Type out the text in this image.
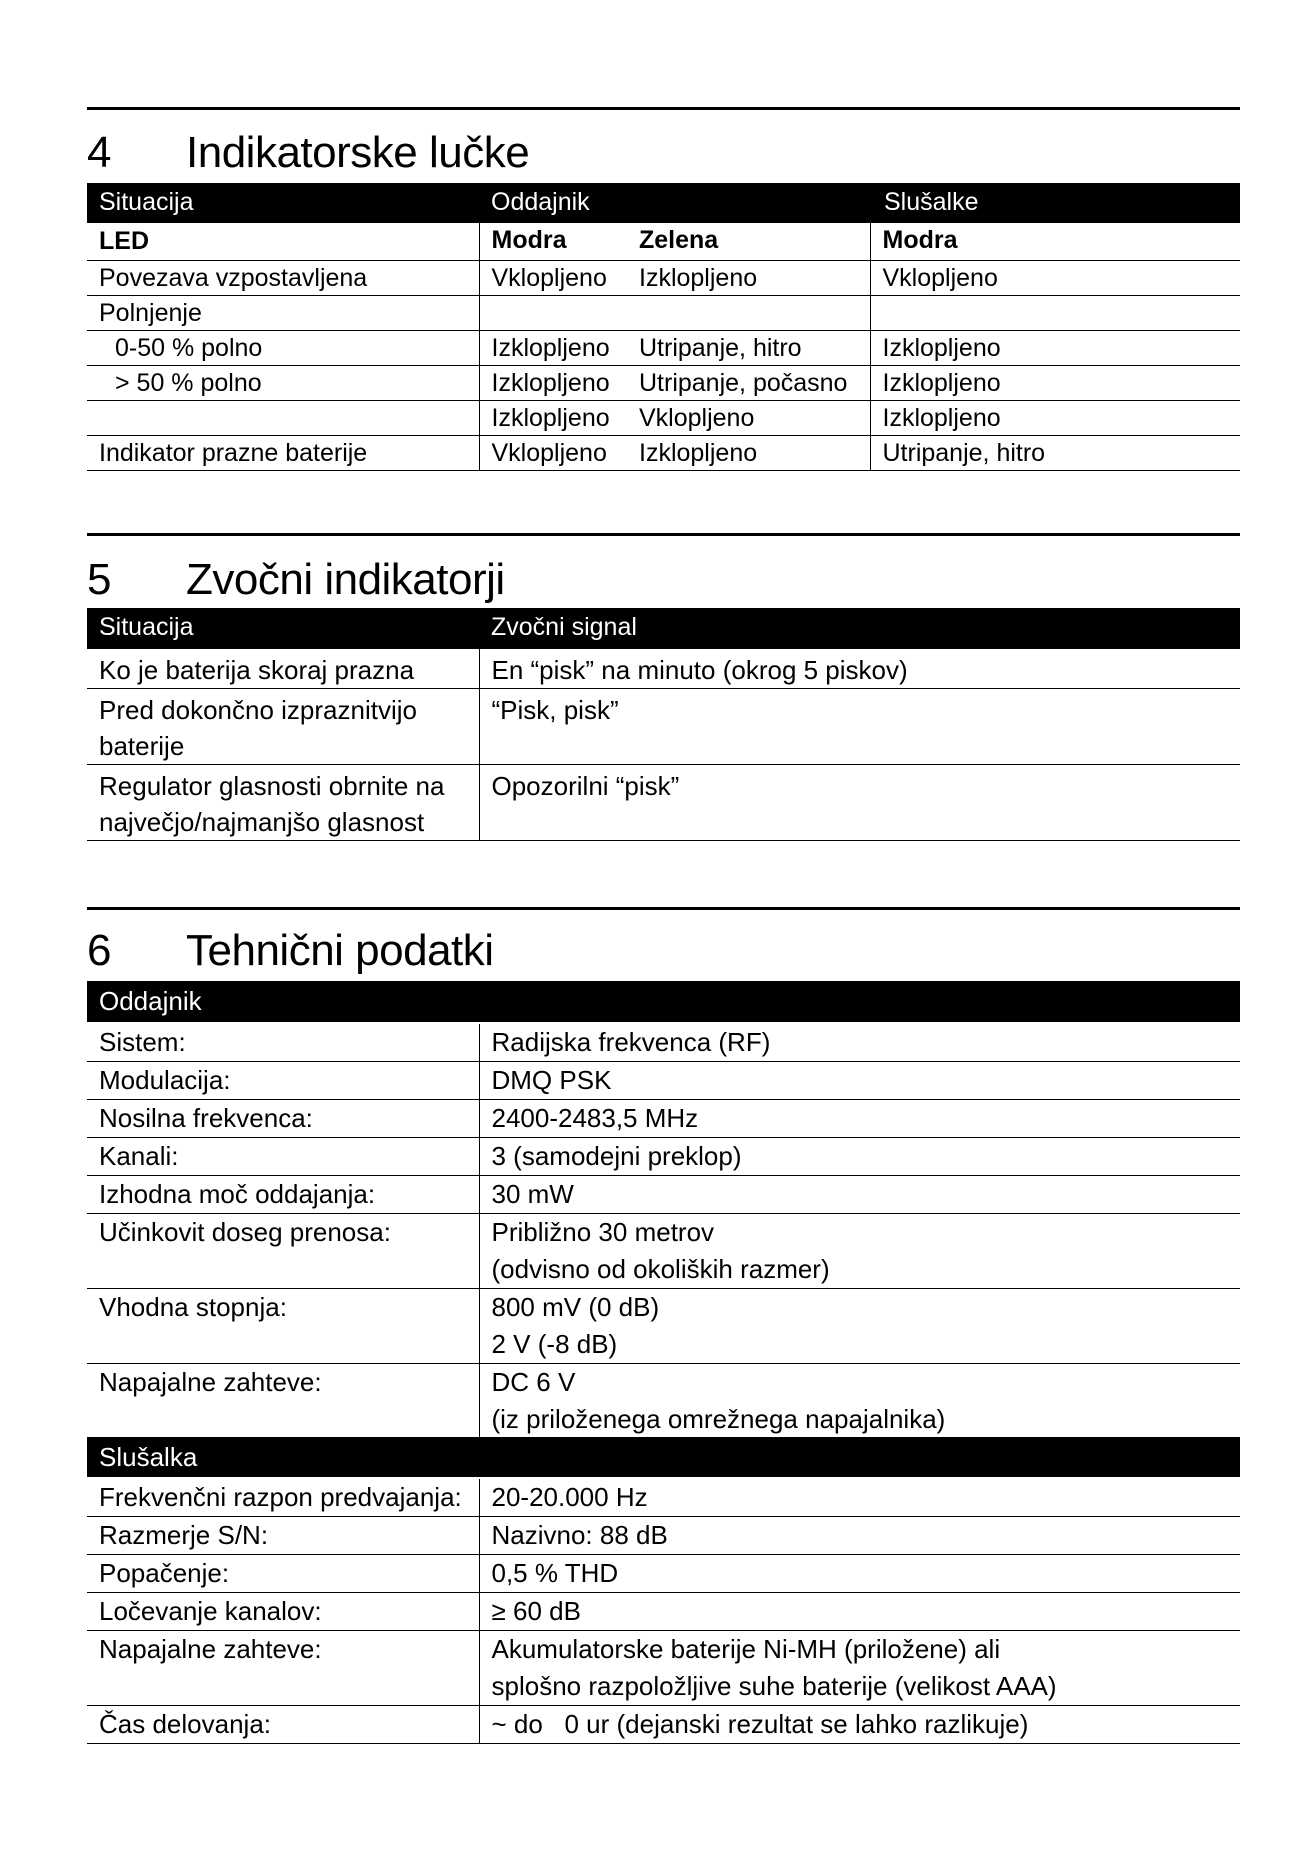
4 Indikatorske lučke
Situacija	Oddajnik	Slušalke
LED	Modra	Zelena	Modra
Povezava vzpostavljena	Vklopljeno	Izklopljeno	Vklopljeno
Polnjenje			
0-50 % polno	Izklopljeno	Utripanje, hitro	Izklopljeno
> 50 % polno	Izklopljeno	Utripanje, počasno	Izklopljeno
	Izklopljeno	Vklopljeno	Izklopljeno
Indikator prazne baterije	Vklopljeno	Izklopljeno	Utripanje, hitro
5 Zvočni indikatorji
Situacija	Zvočni signal
Ko je baterija skoraj prazna	En “pisk” na minuto (okrog 5 piskov)

Pred dokončno izpraznitvijo
baterije	“Pisk, pisk”

Regulator glasnosti obrnite na
največjo/najmanjšo glasnost	Opozorilni “pisk”
6 Tehnični podatki
Oddajnik
Sistem:	Radijska frekvenca (RF)
Modulacija:	DMQ PSK
Nosilna frekvenca:	2400-2483,5 MHz
Kanali:	3 (samodejni preklop)
Izhodna moč oddajanja:	30 mW
Učinkovit doseg prenosa:	Približno 30 metrov
(odvisno od okoliških razmer)

Vhodna stopnja:	800 mV (0 dB)
2 V (-8 dB)

Napajalne zahteve:	DC 6 V
(iz priloženega omrežnega napajalnika)
Slušalka
Frekvenčni razpon predvajanja:	20-20.000 Hz
Razmerje S/N:	Nazivno: 88 dB
Popačenje:	0,5 % THD
Ločevanje kanalov:	≥ 60 dB
Napajalne zahteve:	Akumulatorske baterije Ni-MH (priložene) ali
splošno razpoložljive suhe baterije (velikost AAA)

Čas delovanja:	~ do   0 ur (dejanski rezultat se lahko razlikuje)
